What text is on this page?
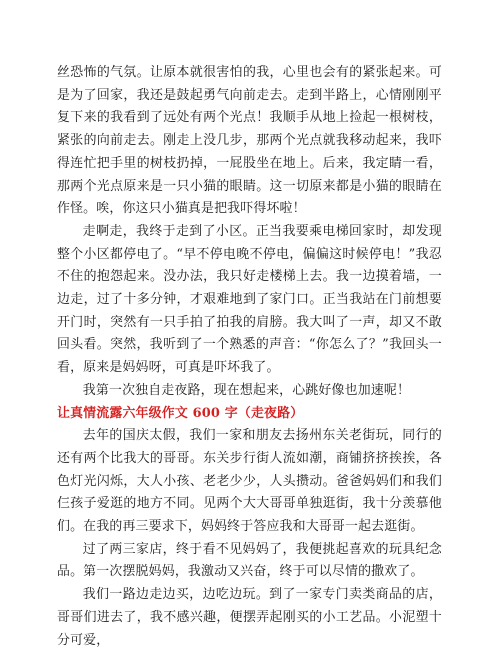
丝恐怖的气氛。让原本就很害怕的我，心里也会有的紧张起来。可是为了回家，我还是鼓起勇气向前走去。走到半路上，心情刚刚平复下来的我看到了远处有两个光点！我顺手从地上捡起一根树枝，紧张的向前走去。刚走上没几步，那两个光点就我移动起来，我吓得连忙把手里的树枝扔掉，一屁股坐在地上。后来，我定睛一看，那两个光点原来是一只小猫的眼睛。这一切原来都是小猫的眼睛在作怪。唉，你这只小猫真是把我吓得坏啦！

走啊走，我终于走到了小区。正当我要乘电梯回家时，却发现整个小区都停电了。“早不停电晚不停电，偏偏这时候停电！”我忍不住的抱怨起来。没办法，我只好走楼梯上去。我一边摸着墙，一边走，过了十多分钟，才艰难地到了家门口。正当我站在门前想要开门时，突然有一只手拍了拍我的肩膀。我大叫了一声，却又不敢回头看。突然，我听到了一个熟悉的声音：“你怎么了？”我回头一看，原来是妈妈呀，可真是吓坏我了。

我第一次独自走夜路，现在想起来，心跳好像也加速呢！

让真情流露六年级作文 600 字（走夜路）

去年的国庆太假，我们一家和朋友去扬州东关老街玩，同行的还有两个比我大的哥哥。东关步行街人流如潮，商铺挤挤挨挨，各色灯光闪烁，大人小孩、老老少少，人头攒动。爸爸妈妈们和我们仨孩子爱逛的地方不同。见两个大大哥哥单独逛街，我十分羡慕他们。在我的再三要求下，妈妈终于答应我和大哥哥一起去逛街。

过了两三家店，终于看不见妈妈了，我便挑起喜欢的玩具纪念品。第一次摆脱妈妈，我激动又兴奋，终于可以尽情的撒欢了。

我们一路边走边买，边吃边玩。到了一家专门卖类商品的店，哥哥们进去了，我不感兴趣，便摆弄起刚买的小工艺品。小泥塑十分可爱，
